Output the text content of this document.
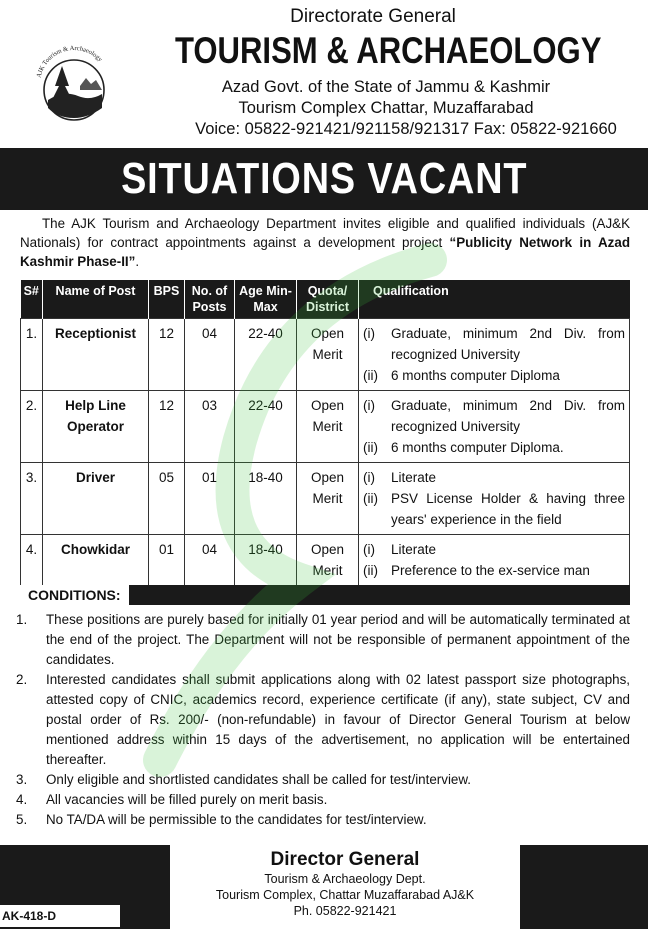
AJK Tourism & Archaeology
Directorate General
TOURISM & ARCHAEOLOGY
Azad Govt. of the State of Jammu & Kashmir
Tourism Complex Chattar, Muzaffarabad
Voice: 05822-921421/921158/921317 Fax: 05822-921660
SITUATIONS VACANT

The AJK Tourism and Archaeology Department invites eligible and qualified individuals (AJ&K Nationals) for contract appointments against a development project “Publicity Network in Azad Kashmir Phase-II”.

S#	Name of Post	BPS	No. of Posts	Age Min-Max	Quota/ District	Qualification
1.	Receptionist	12	04	22-40	Open Merit	(i) Graduate, minimum 2nd Div. from recognized University
(ii) 6 months computer Diploma

2.	Help Line Operator	12	03	22-40	Open Merit	(i) Graduate, minimum 2nd Div. from recognized University
(ii) 6 months computer Diploma.

3.	Driver	05	01	18-40	Open Merit	(i) Literate
(ii) PSV License Holder & having three years' experience in the field

4.	Chowkidar	01	04	18-40	Open Merit	(i) Literate
(ii) Preference to the ex-service man
CONDITIONS:
1.	These positions are purely based for initially 01 year period and will be automatically terminated at the end of the project. The Department will not be responsible of permanent appointment of the candidates.
2.	Interested candidates shall submit applications along with 02 latest passport size photographs, attested copy of CNIC, academics record, experience certificate (if any), state subject, CV and postal order of Rs. 200/- (non-refundable) in favour of Director General Tourism at below mentioned address within 15 days of the advertisement, no application will be entertained thereafter.
3.	Only eligible and shortlisted candidates shall be called for test/interview.
4.	All vacancies will be filled purely on merit basis.
5.	No TA/DA will be permissible to the candidates for test/interview.
Director General
Tourism & Archaeology Dept.
Tourism Complex, Chattar Muzaffarabad AJ&K
Ph. 05822-921421
AK-418-D
